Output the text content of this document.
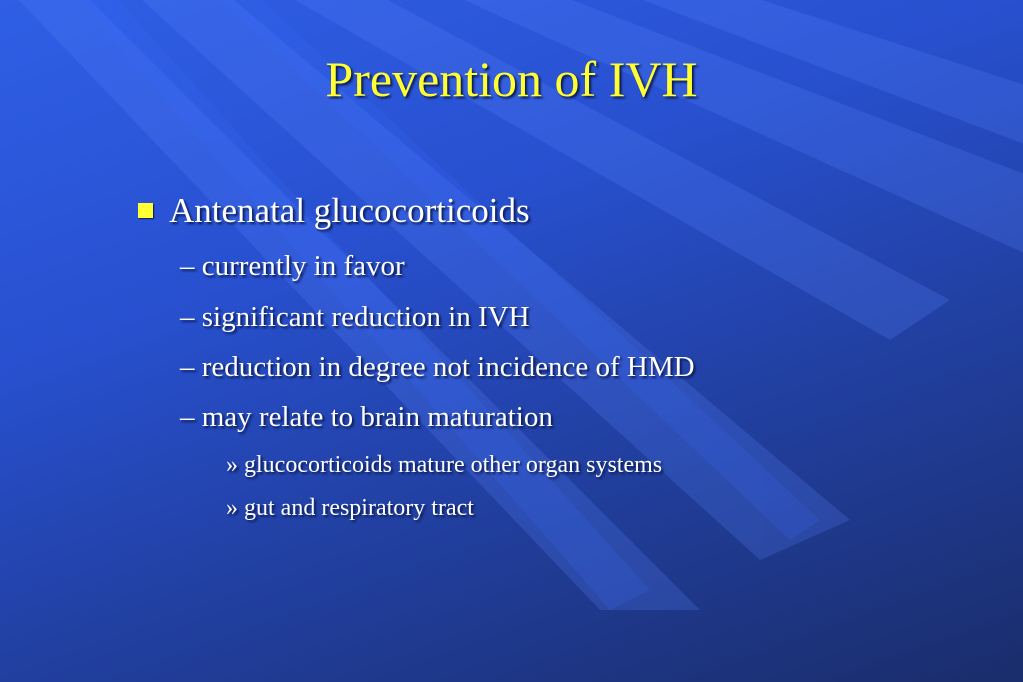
Prevention of IVH
Antenatal glucocorticoids
– currently in favor
– significant reduction in IVH
– reduction in degree not incidence of HMD
– may relate to brain maturation
» glucocorticoids mature other organ systems
» gut and respiratory tract
